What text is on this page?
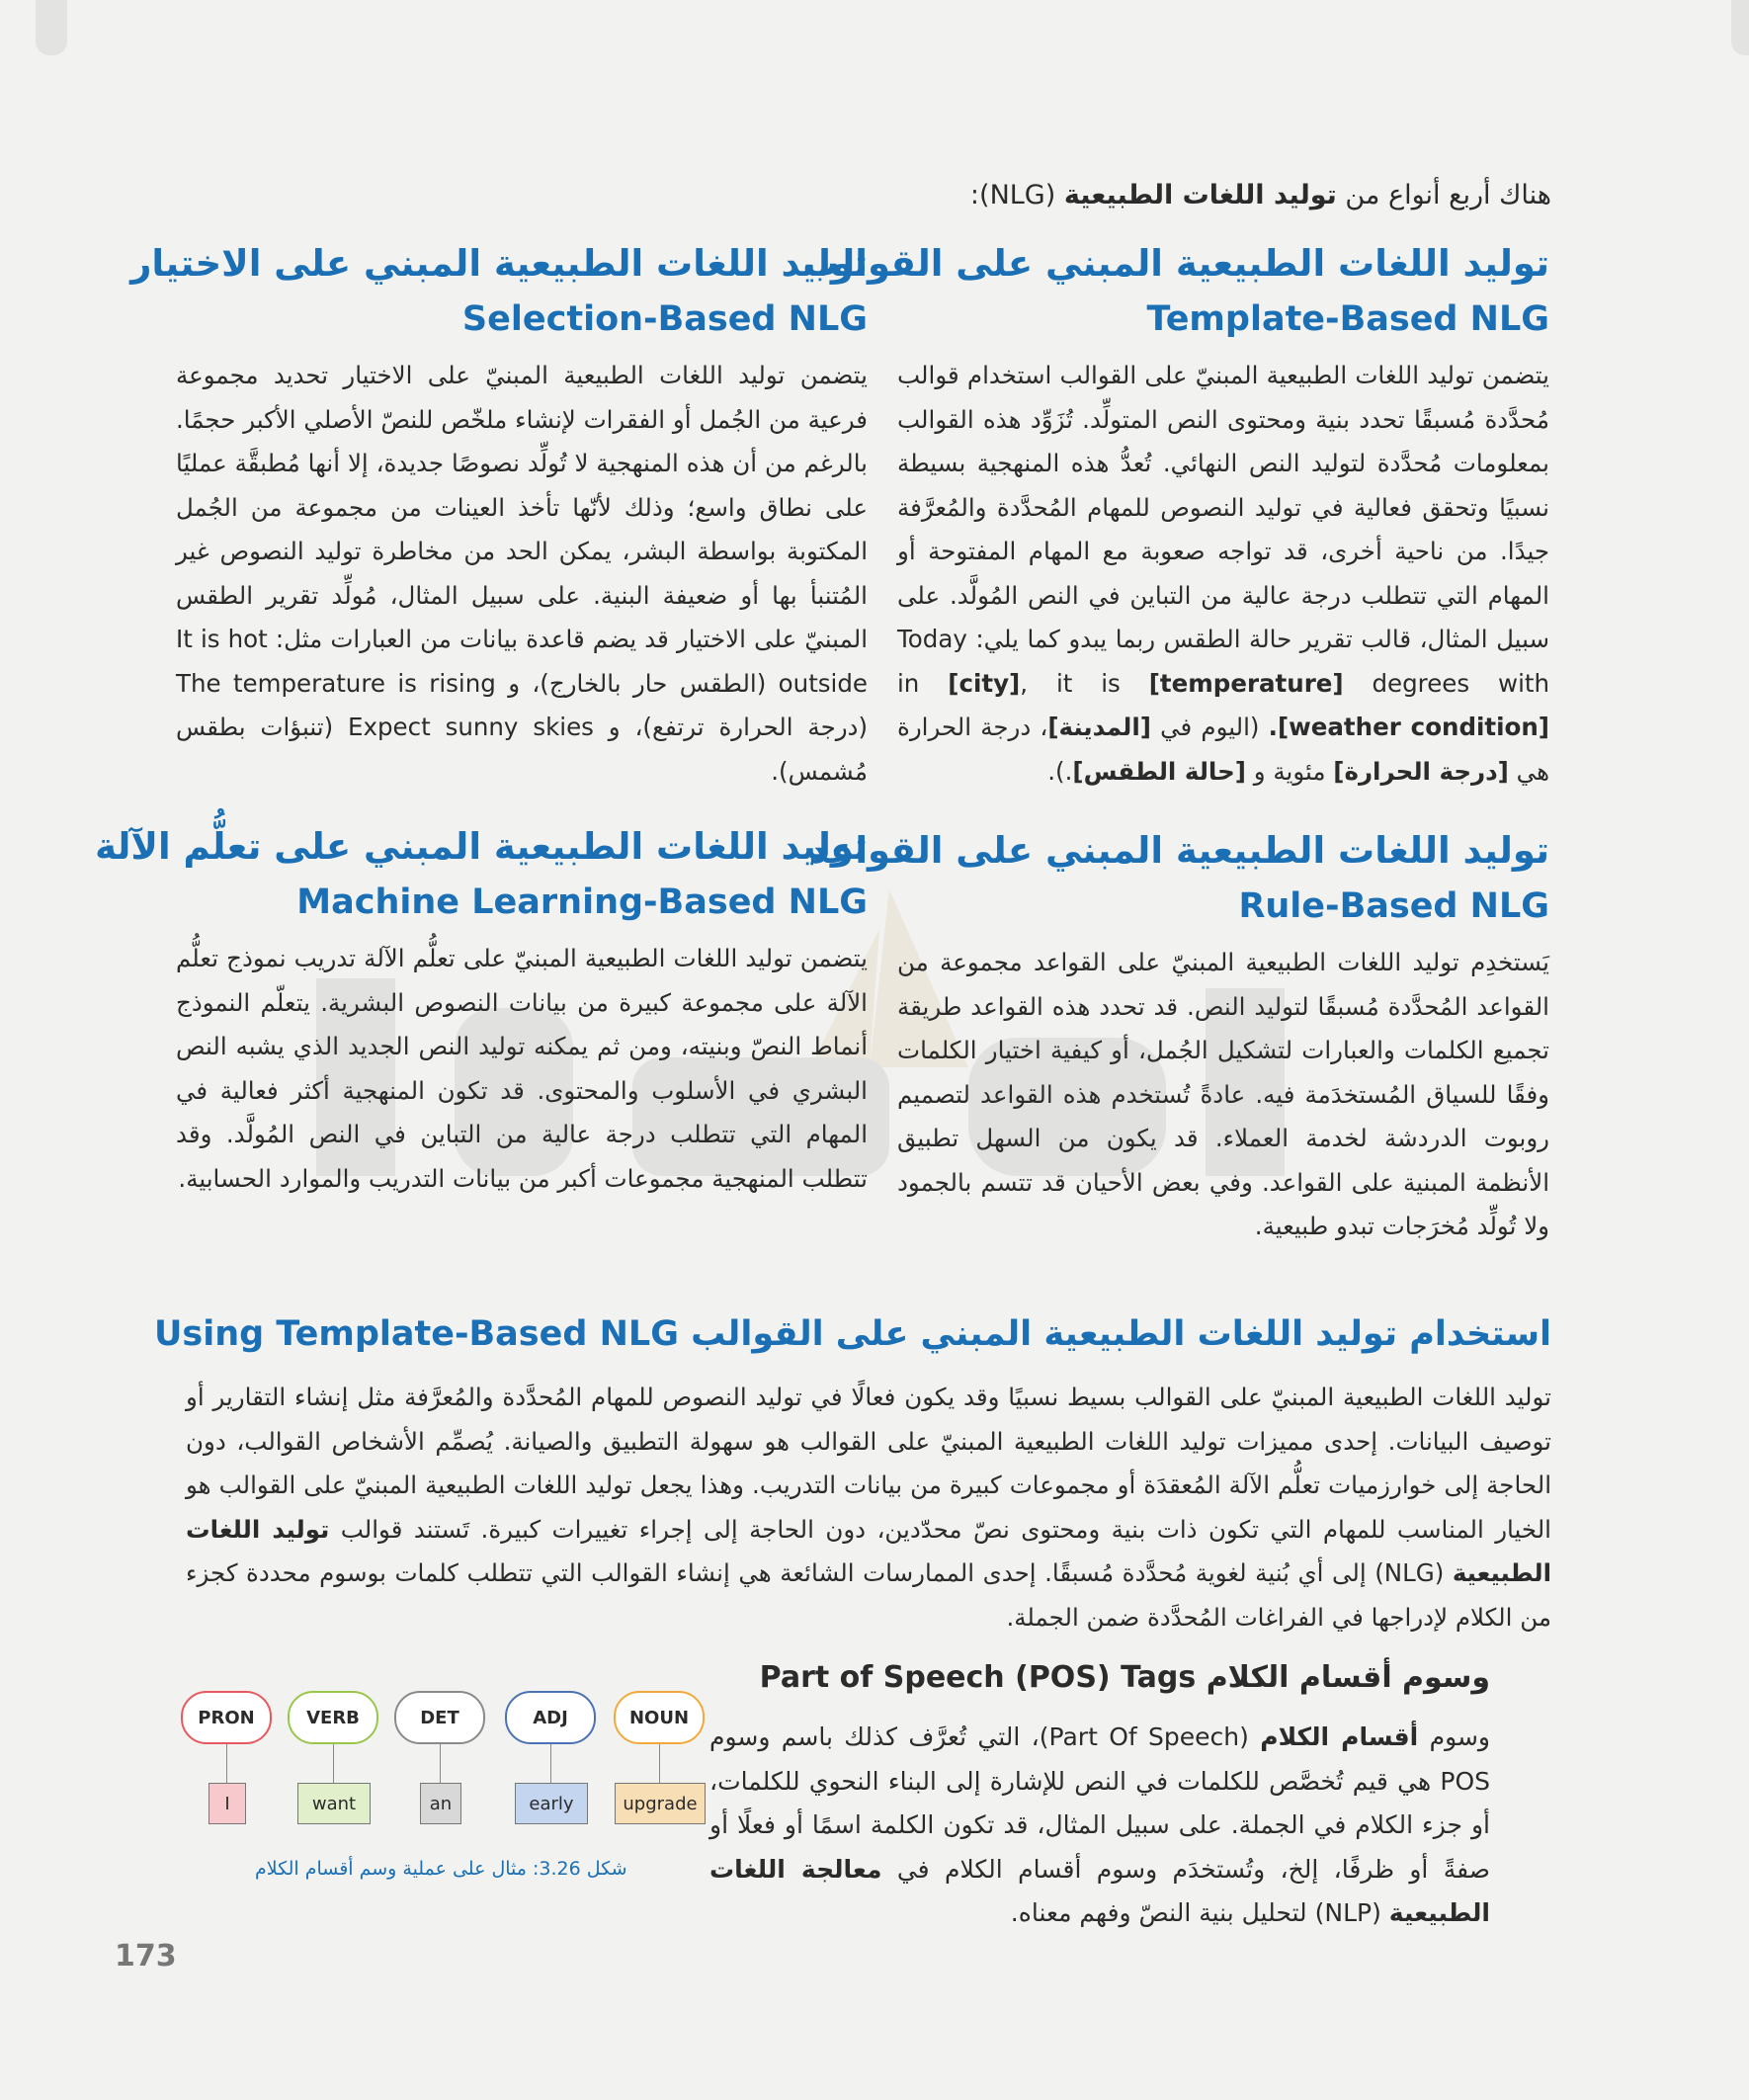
هناك أربع أنواع من توليد اللغات الطبيعية (NLG):

توليد اللغات الطبيعية المبني على القوالب

Template-Based NLG

يتضمن توليد اللغات الطبيعية المبنيّ على القوالب استخدام قوالب مُحدَّدة مُسبقًا تحدد بنية ومحتوى النص المتولِّد. تُزَوِّد هذه القوالب بمعلومات مُحدَّدة لتوليد النص النهائي. تُعدُّ هذه المنهجية بسيطة نسبيًا وتحقق فعالية في توليد النصوص للمهام المُحدَّدة والمُعرَّفة جيدًا. من ناحية أخرى، قد تواجه صعوبة مع المهام المفتوحة أو المهام التي تتطلب درجة عالية من التباين في النص المُولَّد. على سبيل المثال، قالب تقرير حالة الطقس ربما يبدو كما يلي: Today in [city], it is [temperature] degrees with [weather condition]. (اليوم في [المدينة]، درجة الحرارة هي [درجة الحرارة] مئوية و [حالة الطقس].).

توليد اللغات الطبيعية المبني على القواعد

Rule-Based NLG

يَستخدِم توليد اللغات الطبيعية المبنيّ على القواعد مجموعة من القواعد المُحدَّدة مُسبقًا لتوليد النص. قد تحدد هذه القواعد طريقة تجميع الكلمات والعبارات لتشكيل الجُمل، أو كيفية اختيار الكلمات وفقًا للسياق المُستخدَمة فيه. عادةً تُستخدم هذه القواعد لتصميم روبوت الدردشة لخدمة العملاء. قد يكون من السهل تطبيق الأنظمة المبنية على القواعد. وفي بعض الأحيان قد تتسم بالجمود ولا تُولِّد مُخرَجات تبدو طبيعية.

توليد اللغات الطبيعية المبني على الاختيار

Selection-Based NLG

يتضمن توليد اللغات الطبيعية المبنيّ على الاختيار تحديد مجموعة فرعية من الجُمل أو الفقرات لإنشاء ملخّص للنصّ الأصلي الأكبر حجمًا. بالرغم من أن هذه المنهجية لا تُولِّد نصوصًا جديدة، إلا أنها مُطبقَّة عمليًا على نطاق واسع؛ وذلك لأنّها تأخذ العينات من مجموعة من الجُمل المكتوبة بواسطة البشر، يمكن الحد من مخاطرة توليد النصوص غير المُتنبأ بها أو ضعيفة البنية. على سبيل المثال، مُولِّد تقرير الطقس المبنيّ على الاختيار قد يضم قاعدة بيانات من العبارات مثل: It is hot outside (الطقس حار بالخارج)، و The temperature is rising (درجة الحرارة ترتفع)، و Expect sunny skies (تنبؤات بطقس مُشمس).

توليد اللغات الطبيعية المبني على تعلُّم الآلة

Machine Learning-Based NLG

يتضمن توليد اللغات الطبيعية المبنيّ على تعلُّم الآلة تدريب نموذج تعلُّم الآلة على مجموعة كبيرة من بيانات النصوص البشرية. يتعلّم النموذج أنماط النصّ وبنيته، ومن ثم يمكنه توليد النص الجديد الذي يشبه النص البشري في الأسلوب والمحتوى. قد تكون المنهجية أكثر فعالية في المهام التي تتطلب درجة عالية من التباين في النص المُولَّد. وقد تتطلب المنهجية مجموعات أكبر من بيانات التدريب والموارد الحسابية.

استخدام توليد اللغات الطبيعية المبني على القوالب Using Template-Based NLG

توليد اللغات الطبيعية المبنيّ على القوالب بسيط نسبيًا وقد يكون فعالًا في توليد النصوص للمهام المُحدَّدة والمُعرَّفة مثل إنشاء التقارير أو توصيف البيانات. إحدى مميزات توليد اللغات الطبيعية المبنيّ على القوالب هو سهولة التطبيق والصيانة. يُصمِّم الأشخاص القوالب، دون الحاجة إلى خوارزميات تعلُّم الآلة المُعقدَة أو مجموعات كبيرة من بيانات التدريب. وهذا يجعل توليد اللغات الطبيعية المبنيّ على القوالب هو الخيار المناسب للمهام التي تكون ذات بنية ومحتوى نصّ محدّدين، دون الحاجة إلى إجراء تغييرات كبيرة. تَستند قوالب توليد اللغات الطبيعية (NLG) إلى أي بُنية لغوية مُحدَّدة مُسبقًا. إحدى الممارسات الشائعة هي إنشاء القوالب التي تتطلب كلمات بوسوم محددة كجزء من الكلام لإدراجها في الفراغات المُحدَّدة ضمن الجملة.

وسوم أقسام الكلام Part of Speech (POS) Tags

وسوم أقسام الكلام (Part Of Speech)، التي تُعرَّف كذلك باسم وسوم POS هي قيم تُخصَّص للكلمات في النص للإشارة إلى البناء النحوي للكلمات، أو جزء الكلام في الجملة. على سبيل المثال، قد تكون الكلمة اسمًا أو فعلًا أو صفةً أو ظرفًا، إلخ، وتُستخدَم وسوم أقسام الكلام في معالجة اللغات الطبيعية (NLP) لتحليل بنية النصّ وفهم معناه.

PRON	VERB	DET	ADJ	NOUN
I	want	an	early	upgrade
شكل 3.26: مثال على عملية وسم أقسام الكلام
173
